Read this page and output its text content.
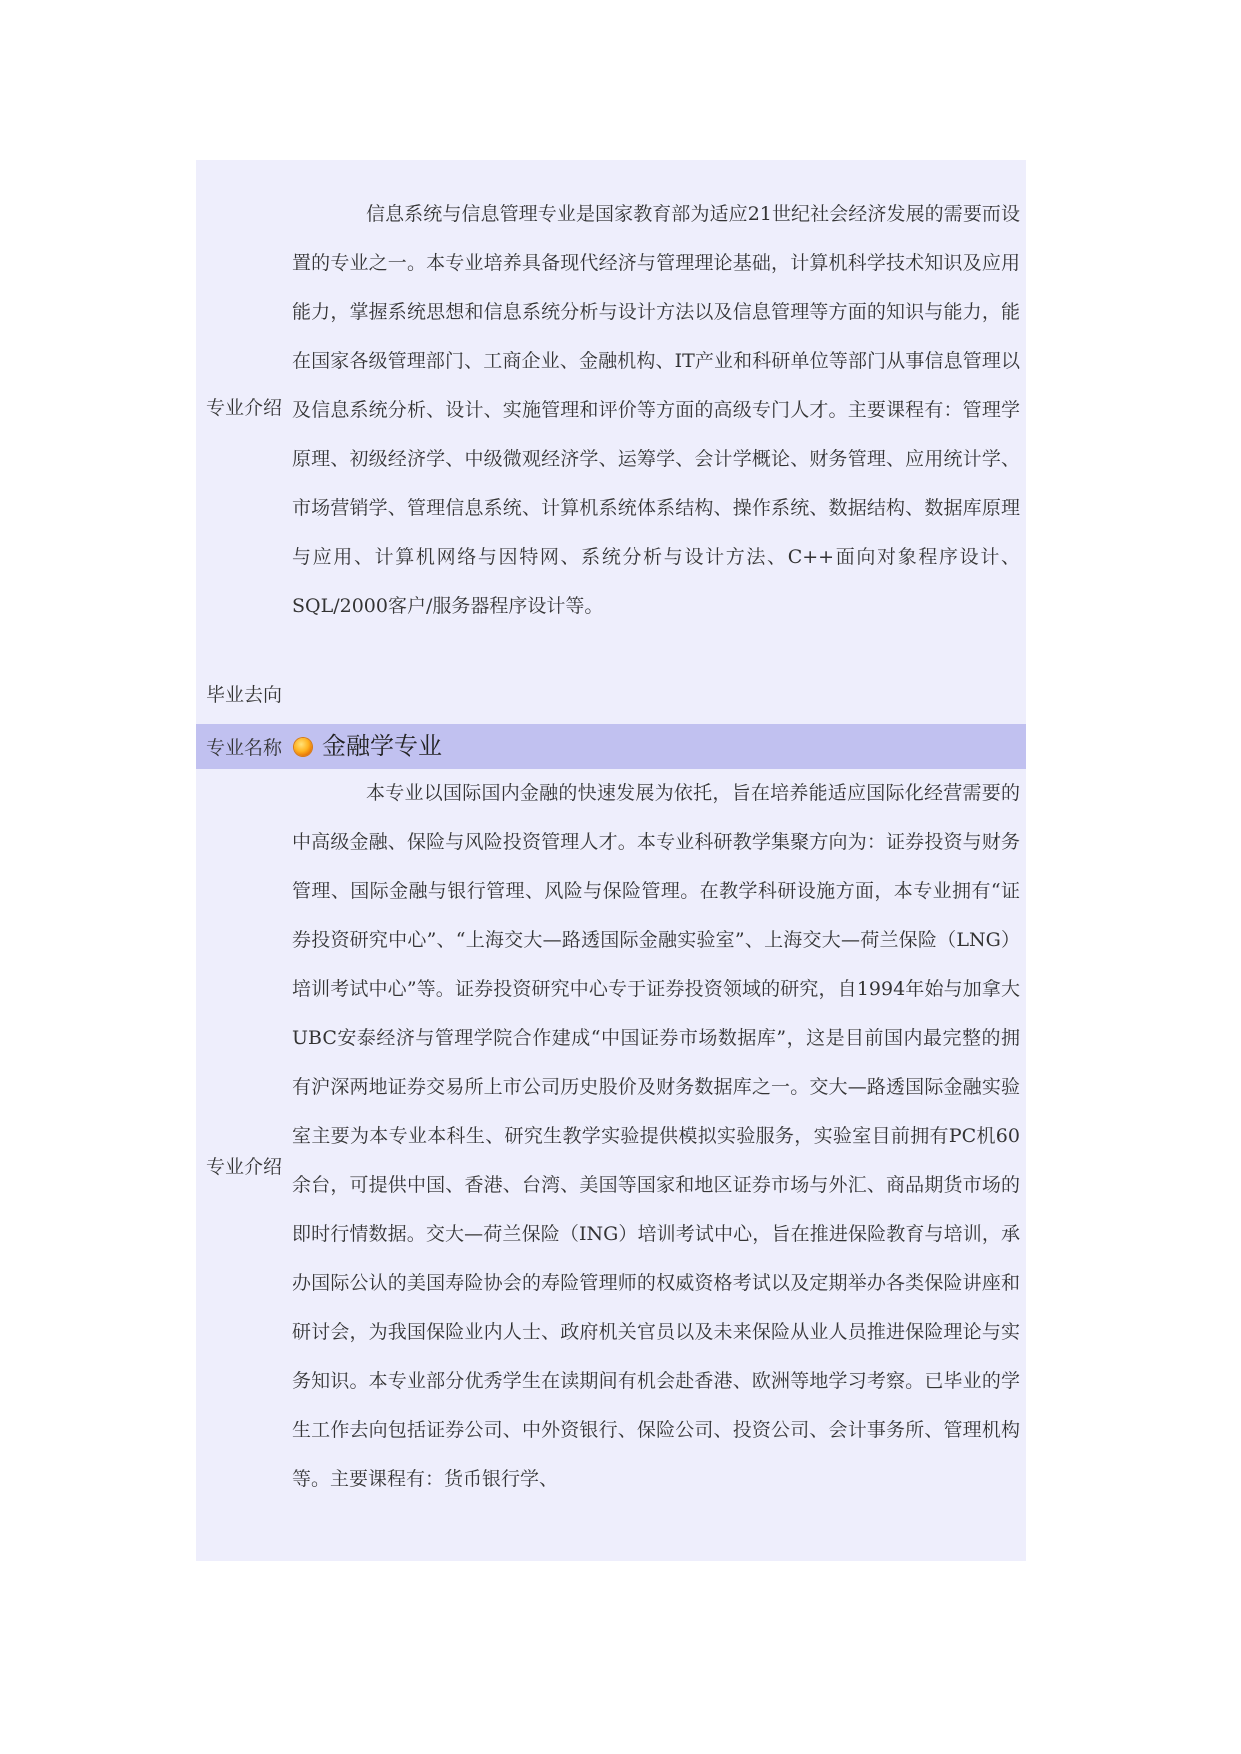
专业介绍

信息系统与信息管理专业是国家教育部为适应21世纪社会经济发展的需要而设置的专业之一。本专业培养具备现代经济与管理理论基础，计算机科学技术知识及应用能力，掌握系统思想和信息系统分析与设计方法以及信息管理等方面的知识与能力，能在国家各级管理部门、工商企业、金融机构、IT产业和科研单位等部门从事信息管理以及信息系统分析、设计、实施管理和评价等方面的高级专门人才。主要课程有：管理学原理、初级经济学、中级微观经济学、运筹学、会计学概论、财务管理、应用统计学、市场营销学、管理信息系统、计算机系统体系结构、操作系统、数据结构、数据库原理与应用、计算机网络与因特网、系统分析与设计方法、C++面向对象程序设计、SQL/2000客户/服务器程序设计等。

毕业去向
专业名称	金融学专业
专业介绍

本专业以国际国内金融的快速发展为依托，旨在培养能适应国际化经营需要的中高级金融、保险与风险投资管理人才。本专业科研教学集聚方向为：证券投资与财务管理、国际金融与银行管理、风险与保险管理。在教学科研设施方面，本专业拥有“证券投资研究中心”、“上海交大—路透国际金融实验室”、上海交大—荷兰保险（LNG）培训考试中心”等。证券投资研究中心专于证券投资领域的研究，自1994年始与加拿大UBC安泰经济与管理学院合作建成“中国证券市场数据库”，这是目前国内最完整的拥有沪深两地证券交易所上市公司历史股价及财务数据库之一。交大—路透国际金融实验室主要为本专业本科生、研究生教学实验提供模拟实验服务，实验室目前拥有PC机60余台，可提供中国、香港、台湾、美国等国家和地区证券市场与外汇、商品期货市场的即时行情数据。交大—荷兰保险（ING）培训考试中心，旨在推进保险教育与培训，承办国际公认的美国寿险协会的寿险管理师的权威资格考试以及定期举办各类保险讲座和研讨会，为我国保险业内人士、政府机关官员以及未来保险从业人员推进保险理论与实务知识。本专业部分优秀学生在读期间有机会赴香港、欧洲等地学习考察。已毕业的学生工作去向包括证券公司、中外资银行、保险公司、投资公司、会计事务所、管理机构等。主要课程有：货币银行学、
